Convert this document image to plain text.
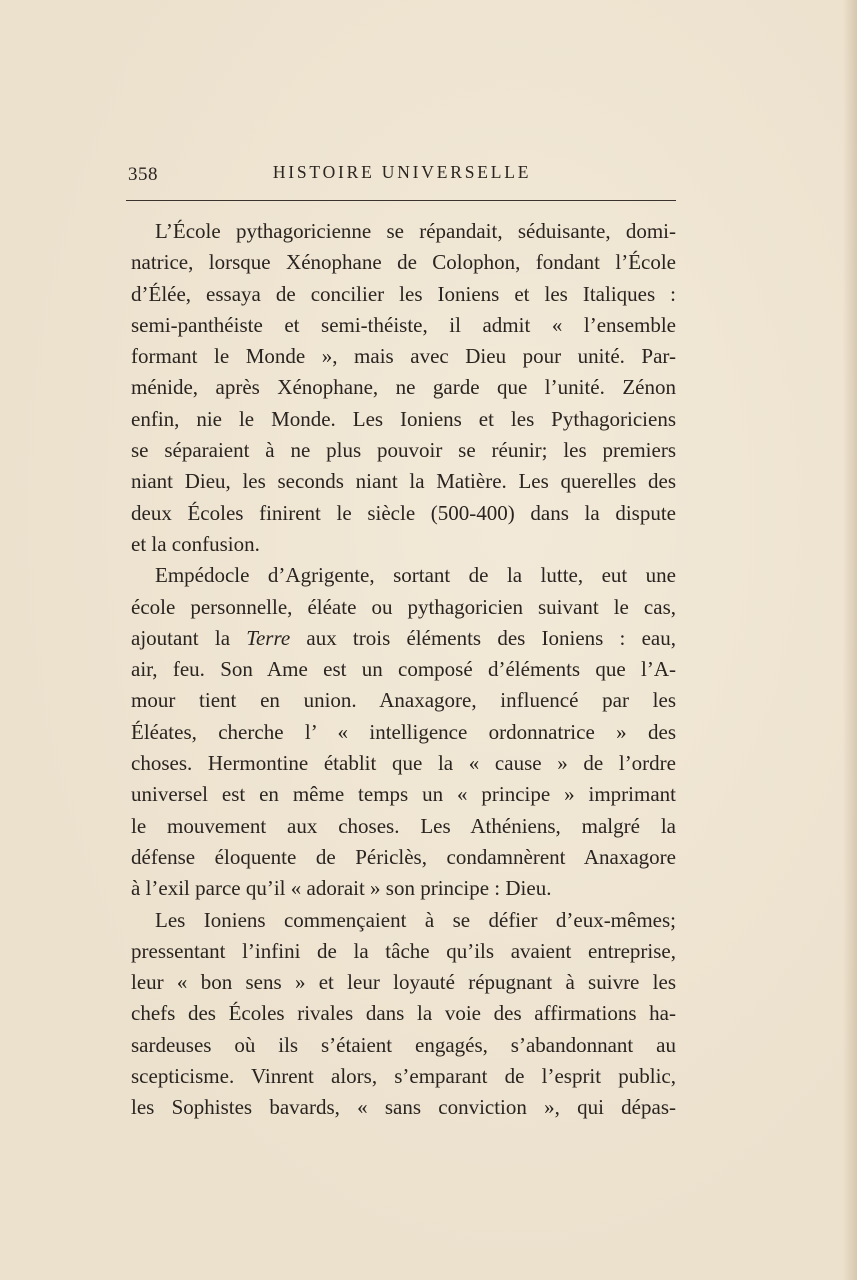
358	HISTOIRE UNIVERSELLE
L’École pythagoricienne se répandait, séduisante, domi-
natrice, lorsque Xénophane de Colophon, fondant l’École
d’Élée, essaya de concilier les Ioniens et les Italiques :
semi-panthéiste et semi-théiste, il admit « l’ensemble
formant le Monde », mais avec Dieu pour unité. Par-
ménide, après Xénophane, ne garde que l’unité. Zénon
enfin, nie le Monde. Les Ioniens et les Pythagoriciens
se séparaient à ne plus pouvoir se réunir; les premiers
niant Dieu, les seconds niant la Matière. Les querelles des
deux Écoles finirent le siècle (500-400) dans la dispute
et la confusion.
Empédocle d’Agrigente, sortant de la lutte, eut une
école personnelle, éléate ou pythagoricien suivant le cas,
ajoutant la Terre aux trois éléments des Ioniens : eau,
air, feu. Son Ame est un composé d’éléments que l’A-
mour tient en union. Anaxagore, influencé par les
Éléates, cherche l’ « intelligence ordonnatrice » des
choses. Hermontine établit que la « cause » de l’ordre
universel est en même temps un « principe » imprimant
le mouvement aux choses. Les Athéniens, malgré la
défense éloquente de Périclès, condamnèrent Anaxagore
à l’exil parce qu’il « adorait » son principe : Dieu.
Les Ioniens commençaient à se défier d’eux-mêmes;
pressentant l’infini de la tâche qu’ils avaient entreprise,
leur « bon sens » et leur loyauté répugnant à suivre les
chefs des Écoles rivales dans la voie des affirmations ha-
sardeuses où ils s’étaient engagés, s’abandonnant au
scepticisme. Vinrent alors, s’emparant de l’esprit public,
les Sophistes bavards, « sans conviction », qui dépas-
